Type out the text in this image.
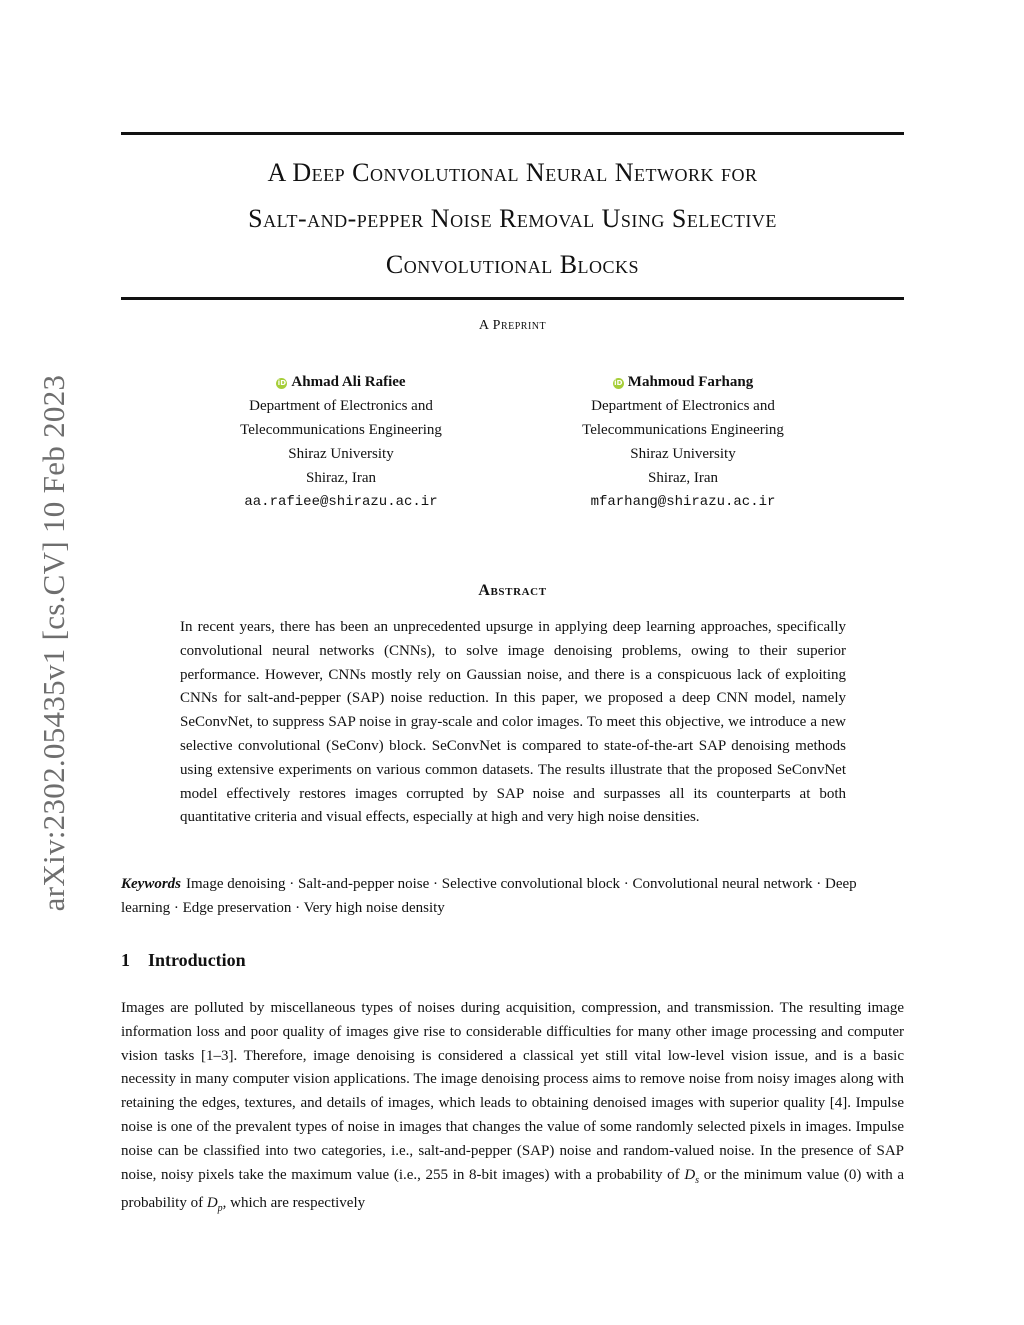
arXiv:2302.05435v1 [cs.CV] 10 Feb 2023
A Deep Convolutional Neural Network for
Salt-and-pepper Noise Removal Using Selective
Convolutional Blocks
A Preprint
iD Ahmad Ali Rafiee
Department of Electronics and
Telecommunications Engineering
Shiraz University
Shiraz, Iran
aa.rafiee@shirazu.ac.ir
iD Mahmoud Farhang
Department of Electronics and
Telecommunications Engineering
Shiraz University
Shiraz, Iran
mfarhang@shirazu.ac.ir
Abstract

In recent years, there has been an unprecedented upsurge in applying deep learning approaches, specifically convolutional neural networks (CNNs), to solve image denoising problems, owing to their superior performance. However, CNNs mostly rely on Gaussian noise, and there is a conspicuous lack of exploiting CNNs for salt-and-pepper (SAP) noise reduction. In this paper, we proposed a deep CNN model, namely SeConvNet, to suppress SAP noise in gray-scale and color images. To meet this objective, we introduce a new selective convolutional (SeConv) block. SeConvNet is compared to state-of-the-art SAP denoising methods using extensive experiments on various common datasets. The results illustrate that the proposed SeConvNet model effectively restores images corrupted by SAP noise and surpasses all its counterparts at both quantitative criteria and visual effects, especially at high and very high noise densities.

Keywords Image denoising · Salt-and-pepper noise · Selective convolutional block · Convolutional neural network · Deep learning · Edge preservation · Very high noise density

1 Introduction

Images are polluted by miscellaneous types of noises during acquisition, compression, and transmission. The resulting image information loss and poor quality of images give rise to considerable difficulties for many other image processing and computer vision tasks [1–3]. Therefore, image denoising is considered a classical yet still vital low-level vision issue, and is a basic necessity in many computer vision applications. The image denoising process aims to remove noise from noisy images along with retaining the edges, textures, and details of images, which leads to obtaining denoised images with superior quality [4]. Impulse noise is one of the prevalent types of noise in images that changes the value of some randomly selected pixels in images. Impulse noise can be classified into two categories, i.e., salt-and-pepper (SAP) noise and random-valued noise. In the presence of SAP noise, noisy pixels take the maximum value (i.e., 255 in 8-bit images) with a probability of $D_s$ or the minimum value (0) with a probability of $D_p$, which are respectively
